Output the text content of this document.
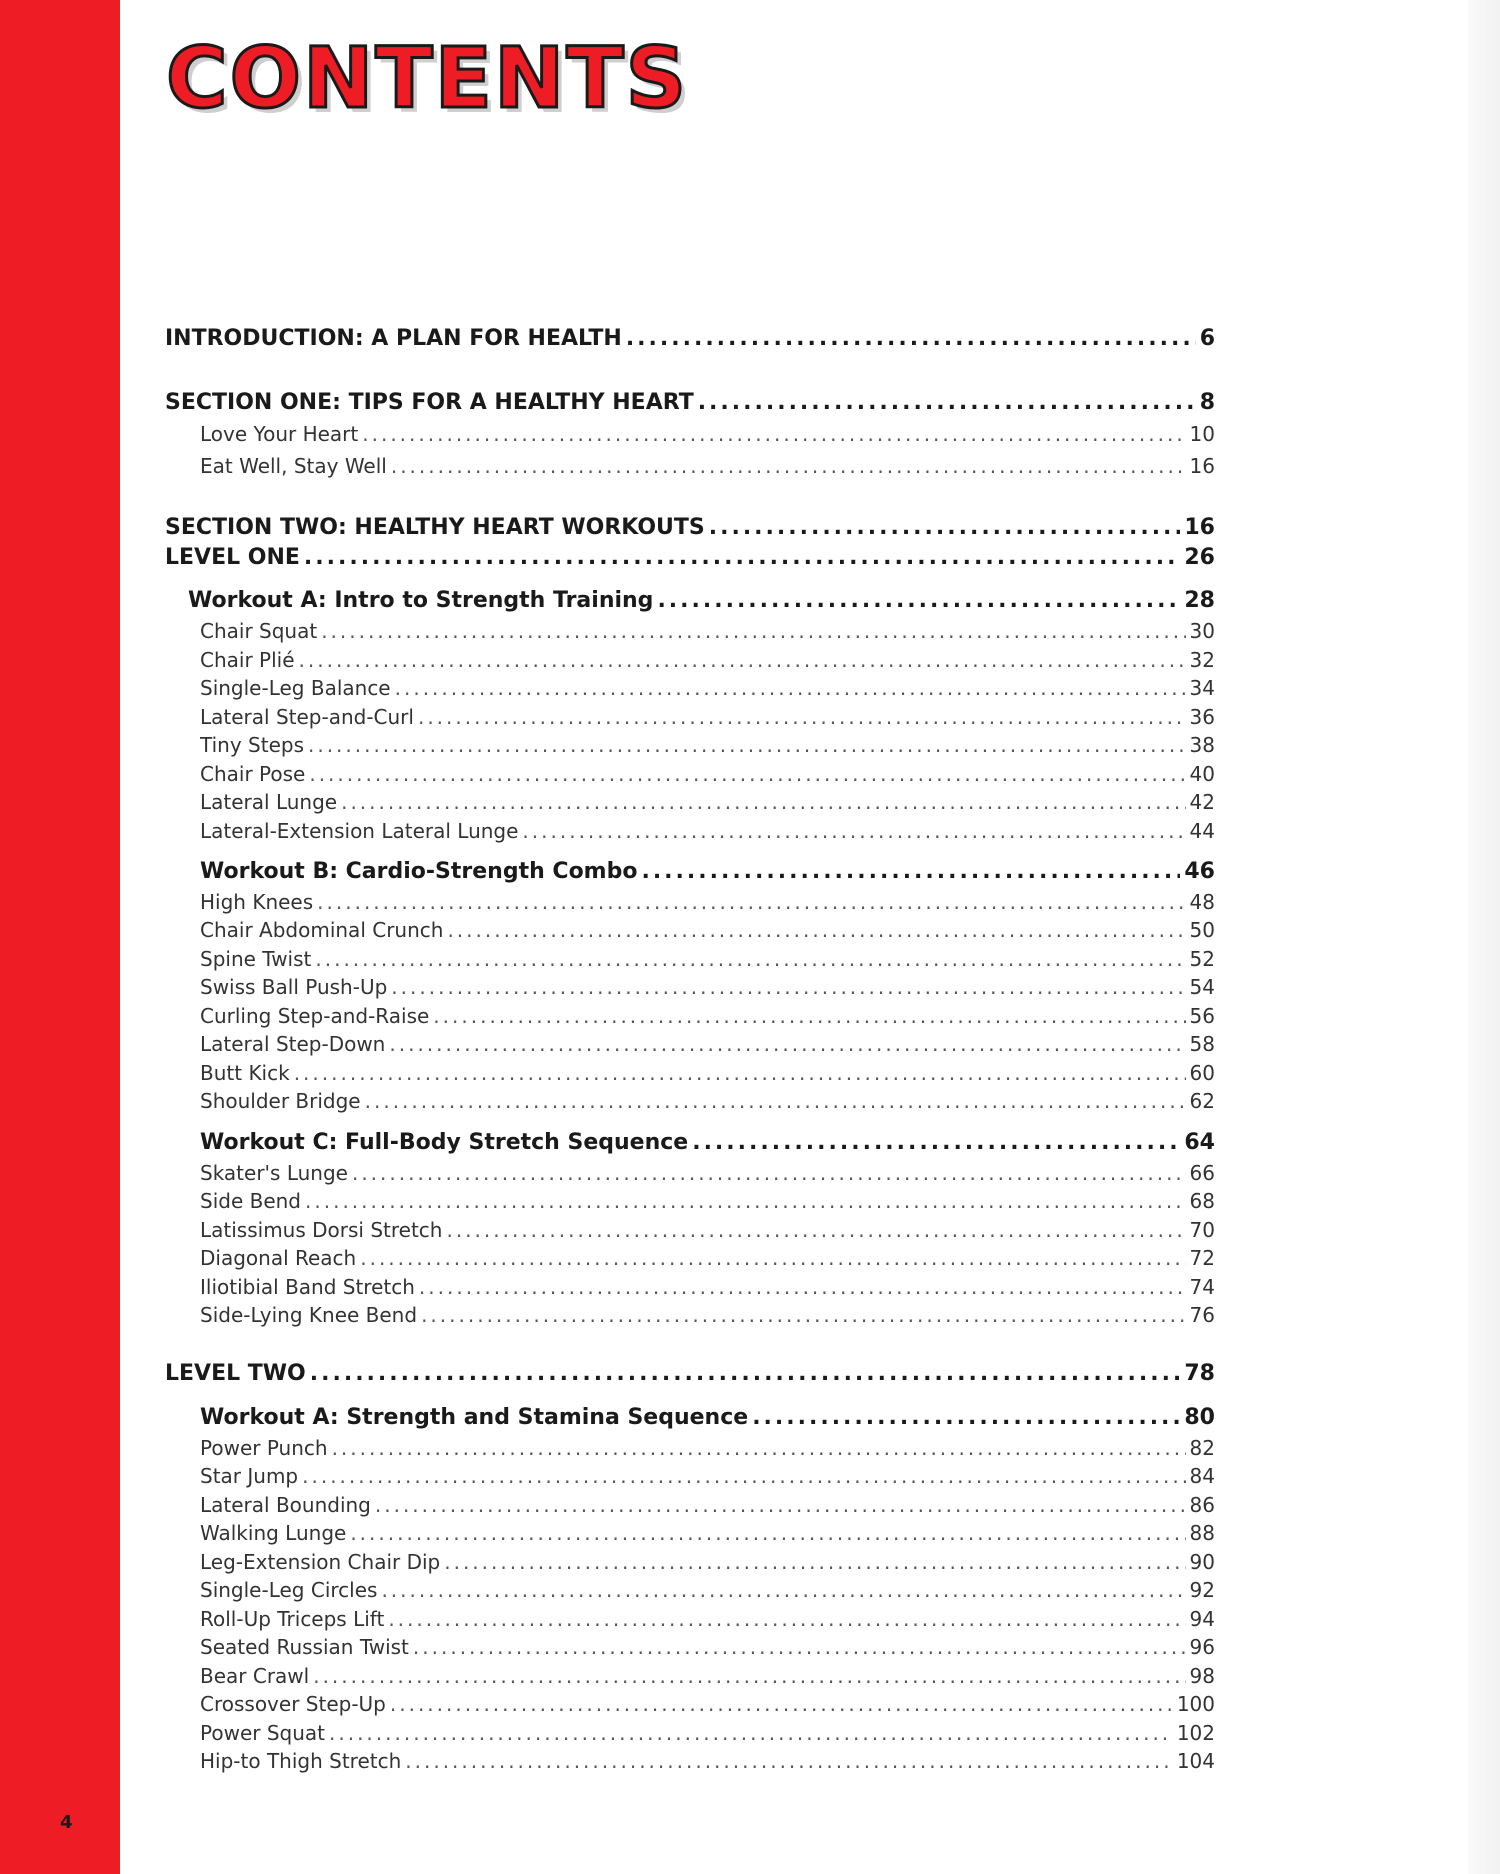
4
CONTENTS
INTRODUCTION: A PLAN FOR HEALTH .....	6
SECTION ONE: TIPS FOR A HEALTHY HEART .....	8
Love Your Heart .....	10
Eat Well, Stay Well .....	16
SECTION TWO: HEALTHY HEART WORKOUTS .....	16
LEVEL ONE .....	26
Workout A: Intro to Strength Training .....	28
Chair Squat .....	30
Chair Plié .....	32
Single-Leg Balance .....	34
Lateral Step-and-Curl .....	36
Tiny Steps .....	38
Chair Pose .....	40
Lateral Lunge .....	42
Lateral-Extension Lateral Lunge .....	44
Workout B: Cardio-Strength Combo .....	46
High Knees .....	48
Chair Abdominal Crunch .....	50
Spine Twist .....	52
Swiss Ball Push-Up .....	54
Curling Step-and-Raise .....	56
Lateral Step-Down .....	58
Butt Kick .....	60
Shoulder Bridge .....	62
Workout C: Full-Body Stretch Sequence .....	64
Skater's Lunge .....	66
Side Bend .....	68
Latissimus Dorsi Stretch .....	70
Diagonal Reach .....	72
Iliotibial Band Stretch .....	74
Side-Lying Knee Bend .....	76
LEVEL TWO .....	78
Workout A: Strength and Stamina Sequence .....	80
Power Punch .....	82
Star Jump .....	84
Lateral Bounding .....	86
Walking Lunge .....	88
Leg-Extension Chair Dip .....	90
Single-Leg Circles .....	92
Roll-Up Triceps Lift .....	94
Seated Russian Twist .....	96
Bear Crawl .....	98
Crossover Step-Up .....	100
Power Squat .....	102
Hip-to Thigh Stretch .....	104
